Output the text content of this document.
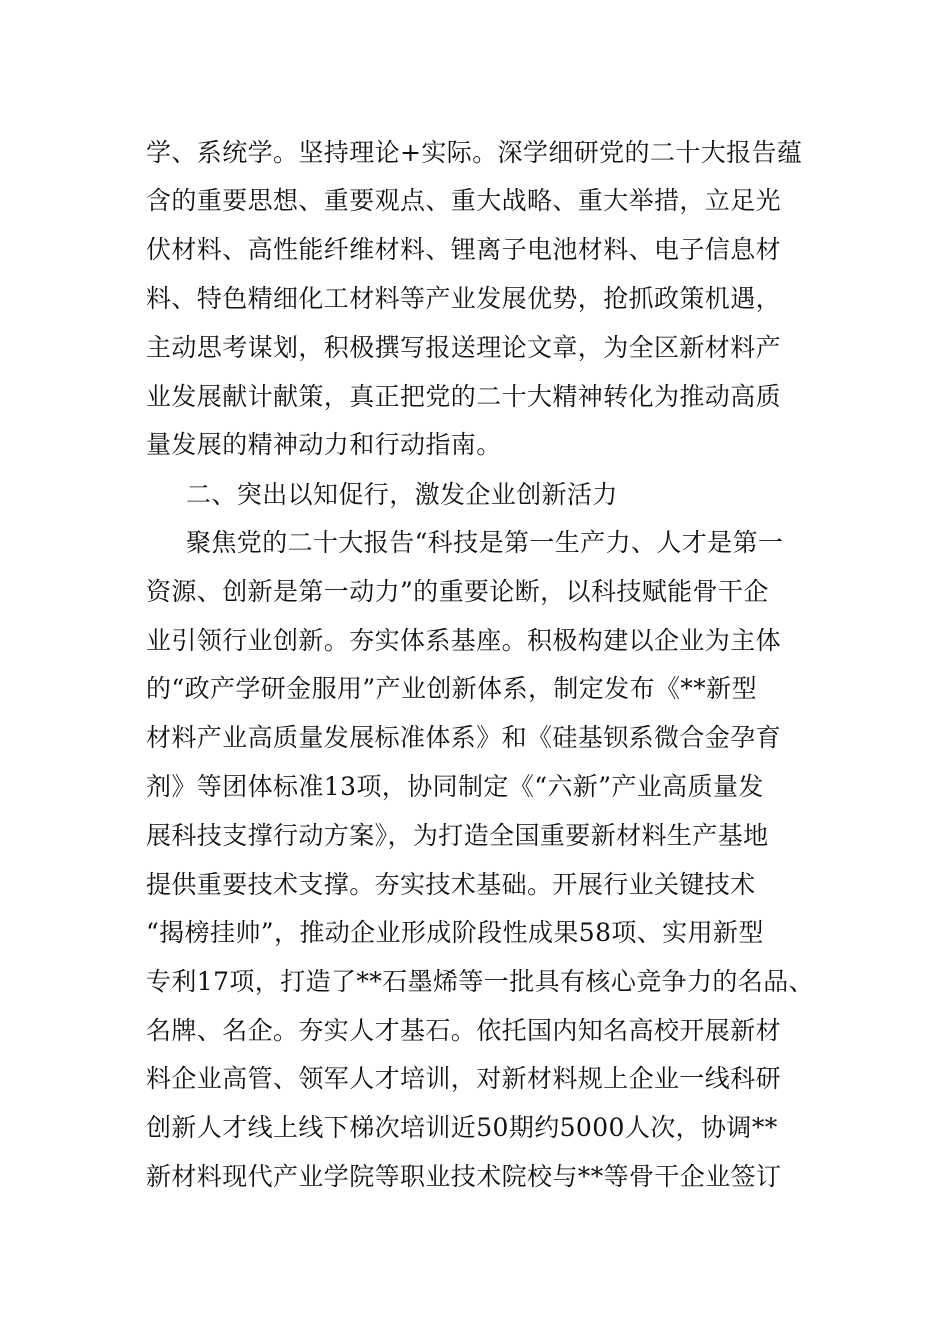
学、系统学。坚持理论+实际。深学细研党的二十大报告蕴
含的重要思想、重要观点、重大战略、重大举措，立足光
伏材料、高性能纤维材料、锂离子电池材料、电子信息材
料、特色精细化工材料等产业发展优势，抢抓政策机遇，
主动思考谋划，积极撰写报送理论文章，为全区新材料产
业发展献计献策，真正把党的二十大精神转化为推动高质
量发展的精神动力和行动指南。
二、突出以知促行，激发企业创新活力
聚焦党的二十大报告“科技是第一生产力、人才是第一
资源、创新是第一动力”的重要论断，以科技赋能骨干企
业引领行业创新。夯实体系基座。积极构建以企业为主体
的“政产学研金服用”产业创新体系，制定发布《**新型
材料产业高质量发展标准体系》和《硅基钡系微合金孕育
剂》等团体标准13项，协同制定《“六新”产业高质量发
展科技支撑行动方案》，为打造全国重要新材料生产基地
提供重要技术支撑。夯实技术基础。开展行业关键技术
“揭榜挂帅”，推动企业形成阶段性成果58项、实用新型
专利17项，打造了**石墨烯等一批具有核心竞争力的名品、
名牌、名企。夯实人才基石。依托国内知名高校开展新材
料企业高管、领军人才培训，对新材料规上企业一线科研
创新人才线上线下梯次培训近50期约5000人次，协调**
新材料现代产业学院等职业技术院校与**等骨干企业签订
